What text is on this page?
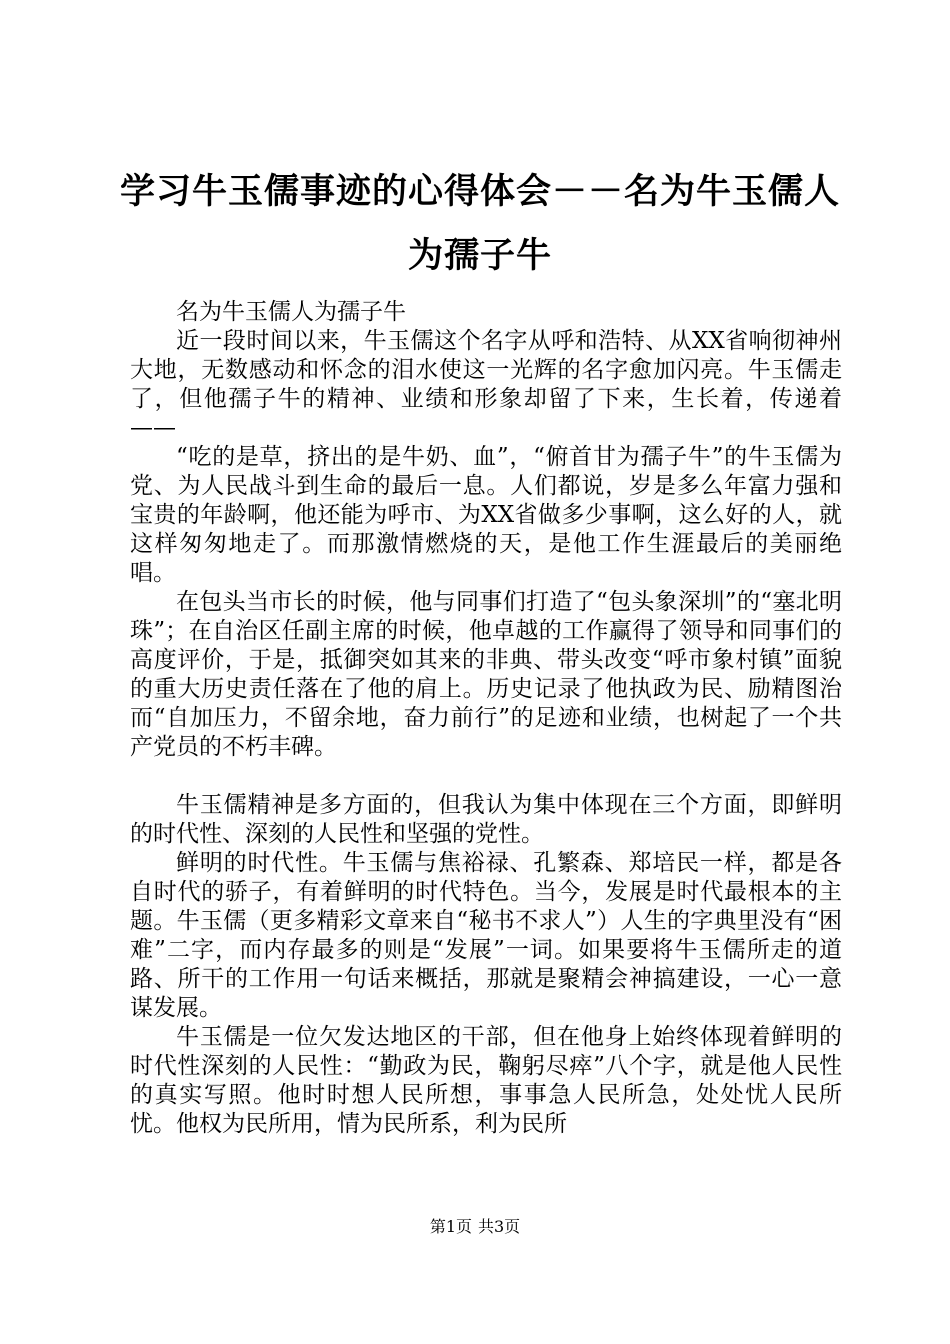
学习牛玉儒事迹的心得体会－－名为牛玉儒人
为孺子牛

名为牛玉儒人为孺子牛

近一段时间以来，牛玉儒这个名字从呼和浩特、从XX省响彻神州大地，无数感动和怀念的泪水使这一光辉的名字愈加闪亮。牛玉儒走了，但他孺子牛的精神、业绩和形象却留了下来，生长着，传递着——

“吃的是草，挤出的是牛奶、血”，“俯首甘为孺子牛”的牛玉儒为党、为人民战斗到生命的最后一息。人们都说，岁是多么年富力强和宝贵的年龄啊，他还能为呼市、为XX省做多少事啊，这么好的人，就这样匆匆地走了。而那激情燃烧的天，是他工作生涯最后的美丽绝唱。

在包头当市长的时候，他与同事们打造了“包头象深圳”的“塞北明珠”；在自治区任副主席的时候，他卓越的工作赢得了领导和同事们的高度评价，于是，抵御突如其来的非典、带头改变“呼市象村镇”面貌的重大历史责任落在了他的肩上。历史记录了他执政为民、励精图治而“自加压力，不留余地，奋力前行”的足迹和业绩，也树起了一个共产党员的不朽丰碑。

牛玉儒精神是多方面的，但我认为集中体现在三个方面，即鲜明的时代性、深刻的人民性和坚强的党性。

鲜明的时代性。牛玉儒与焦裕禄、孔繁森、郑培民一样，都是各自时代的骄子，有着鲜明的时代特色。当今，发展是时代最根本的主题。牛玉儒（更多精彩文章来自“秘书不求人”）人生的字典里没有“困难”二字，而内存最多的则是“发展”一词。如果要将牛玉儒所走的道路、所干的工作用一句话来概括，那就是聚精会神搞建设，一心一意谋发展。

牛玉儒是一位欠发达地区的干部，但在他身上始终体现着鲜明的时代性深刻的人民性：“勤政为民，鞠躬尽瘁”八个字，就是他人民性的真实写照。他时时想人民所想，事事急人民所急，处处忧人民所忧。他权为民所用，情为民所系，利为民所

第1页 共3页
